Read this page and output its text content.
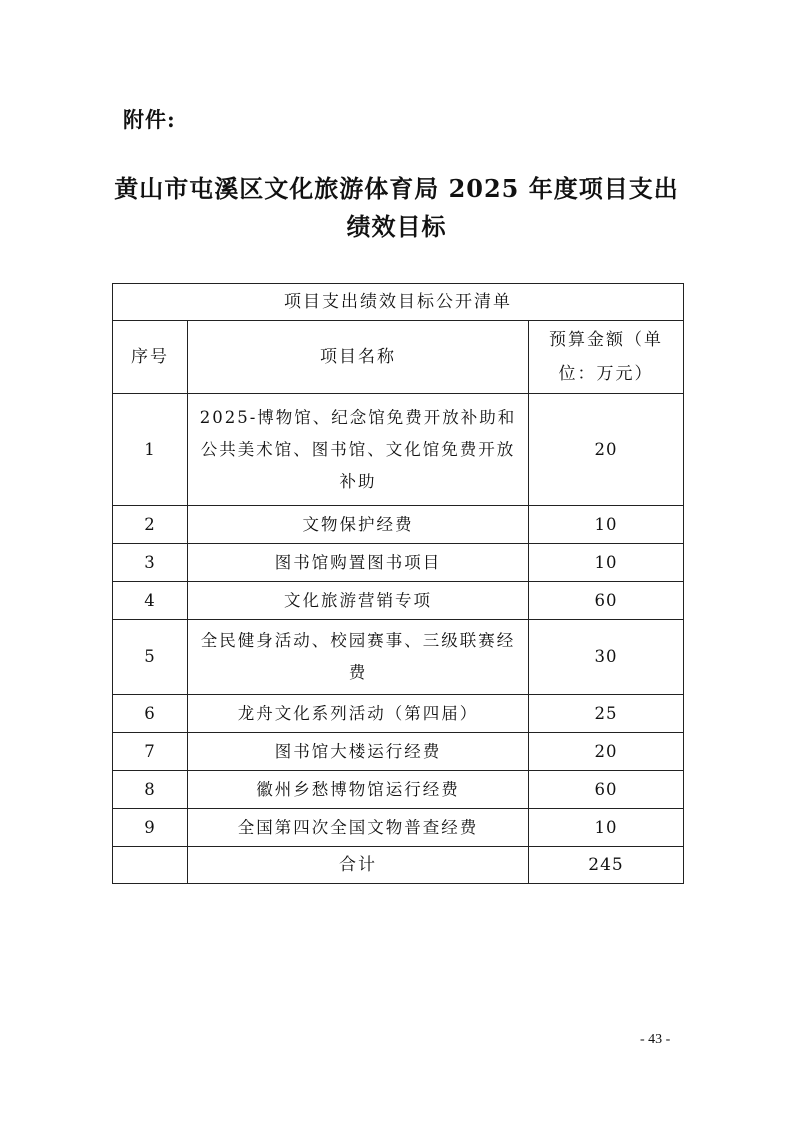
附件:
黄山市屯溪区文化旅游体育局 2025 年度项目支出
绩效目标
项目支出绩效目标公开清单		
序号	项目名称	预算金额（单位：万元）
1	2025-博物馆、纪念馆免费开放补助和公共美术馆、图书馆、文化馆免费开放补助	20
2	文物保护经费	10
3	图书馆购置图书项目	10
4	文化旅游营销专项	60
5	全民健身活动、校园赛事、三级联赛经费	30
6	龙舟文化系列活动（第四届）	25
7	图书馆大楼运行经费	20
8	徽州乡愁博物馆运行经费	60
9	全国第四次全国文物普查经费	10
	合计	245
- 43 -
